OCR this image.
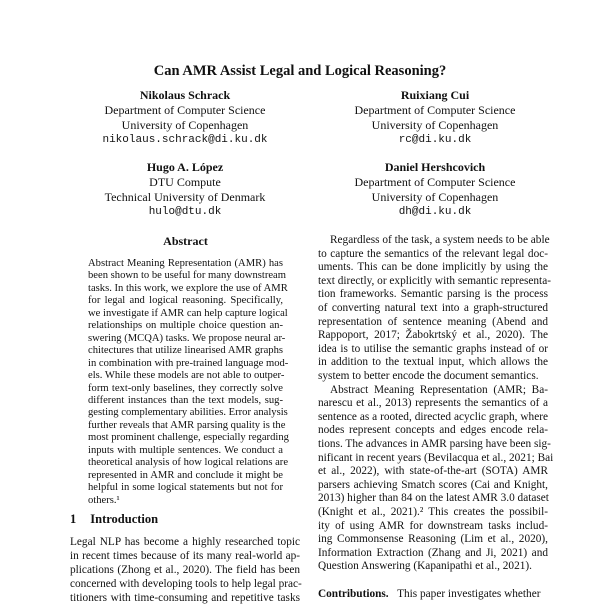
Can AMR Assist Legal and Logical Reasoning?
Nikolaus Schrack
Department of Computer Science
University of Copenhagen
nikolaus.schrack@di.ku.dk
Ruixiang Cui
Department of Computer Science
University of Copenhagen
rc@di.ku.dk
Hugo A. López
DTU Compute
Technical University of Denmark
hulo@dtu.dk
Daniel Hershcovich
Department of Computer Science
University of Copenhagen
dh@di.ku.dk
Abstract
Abstract Meaning Representation (AMR) has
been shown to be useful for many downstream
tasks. In this work, we explore the use of AMR
for legal and logical reasoning. Specifically,
we investigate if AMR can help capture logical
relationships on multiple choice question an-
swering (MCQA) tasks. We propose neural ar-
chitectures that utilize linearised AMR graphs
in combination with pre-trained language mod-
els. While these models are not able to outper-
form text-only baselines, they correctly solve
different instances than the text models, sug-
gesting complementary abilities. Error analysis
further reveals that AMR parsing quality is the
most prominent challenge, especially regarding
inputs with multiple sentences. We conduct a
theoretical analysis of how logical relations are
represented in AMR and conclude it might be
helpful in some logical statements but not for
others.¹
1 Introduction
Legal NLP has become a highly researched topic
in recent times because of its many real-world ap-
plications (Zhong et al., 2020). The field has been
concerned with developing tools to help legal prac-
titioners with time-consuming and repetitive tasks
Regardless of the task, a system needs to be able
to capture the semantics of the relevant legal doc-
uments. This can be done implicitly by using the
text directly, or explicitly with semantic representa-
tion frameworks. Semantic parsing is the process
of converting natural text into a graph-structured
representation of sentence meaning (Abend and
Rappoport, 2017; Žabokrtský et al., 2020). The
idea is to utilise the semantic graphs instead of or
in addition to the textual input, which allows the
system to better encode the document semantics.
Abstract Meaning Representation (AMR; Ba-
narescu et al., 2013) represents the semantics of a
sentence as a rooted, directed acyclic graph, where
nodes represent concepts and edges encode rela-
tions. The advances in AMR parsing have been sig-
nificant in recent years (Bevilacqua et al., 2021; Bai
et al., 2022), with state-of-the-art (SOTA) AMR
parsers achieving Smatch scores (Cai and Knight,
2013) higher than 84 on the latest AMR 3.0 dataset
(Knight et al., 2021).² This creates the possibil-
ity of using AMR for downstream tasks includ-
ing Commonsense Reasoning (Lim et al., 2020),
Information Extraction (Zhang and Ji, 2021) and
Question Answering (Kapanipathi et al., 2021).
Contributions. This paper investigates whether
